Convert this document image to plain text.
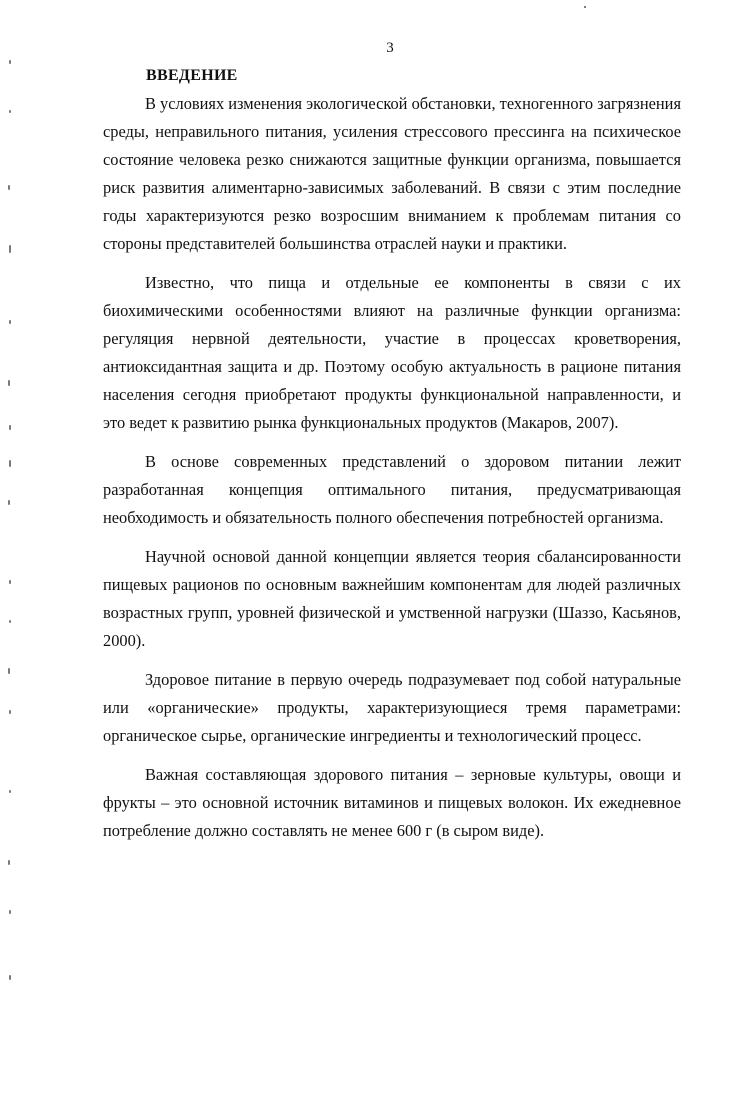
3
ВВЕДЕНИЕ

В условиях изменения экологической обстановки, техногенного загрязнения среды, неправильного питания, усиления стрессового прессинга на психическое состояние человека резко снижаются защитные функции организма, повышается риск развития алиментарно-зависимых заболеваний. В связи с этим последние годы характеризуются резко возросшим вниманием к проблемам питания со стороны представителей большинства отраслей науки и практики.

Известно, что пища и отдельные ее компоненты в связи с их биохимическими особенностями влияют на различные функции организма: регуляция нервной деятельности, участие в процессах кроветворения, антиоксидантная защита и др. Поэтому особую актуальность в рационе питания населения сегодня приобретают продукты функциональной направленности, и это ведет к развитию рынка функциональных продуктов (Макаров, 2007).

В основе современных представлений о здоровом питании лежит разработанная концепция оптимального питания, предусматривающая необходимость и обязательность полного обеспечения потребностей организма.

Научной основой данной концепции является теория сбалансированности пищевых рационов по основным важнейшим компонентам для людей различных возрастных групп, уровней физической и умственной нагрузки (Шаззо, Касьянов, 2000).

Здоровое питание в первую очередь подразумевает под собой натуральные или «органические» продукты, характеризующиеся тремя параметрами: органическое сырье, органические ингредиенты и технологический процесс.

Важная составляющая здорового питания – зерновые культуры, овощи и фрукты – это основной источник витаминов и пищевых волокон. Их ежедневное потребление должно составлять не менее 600 г (в сыром виде).
